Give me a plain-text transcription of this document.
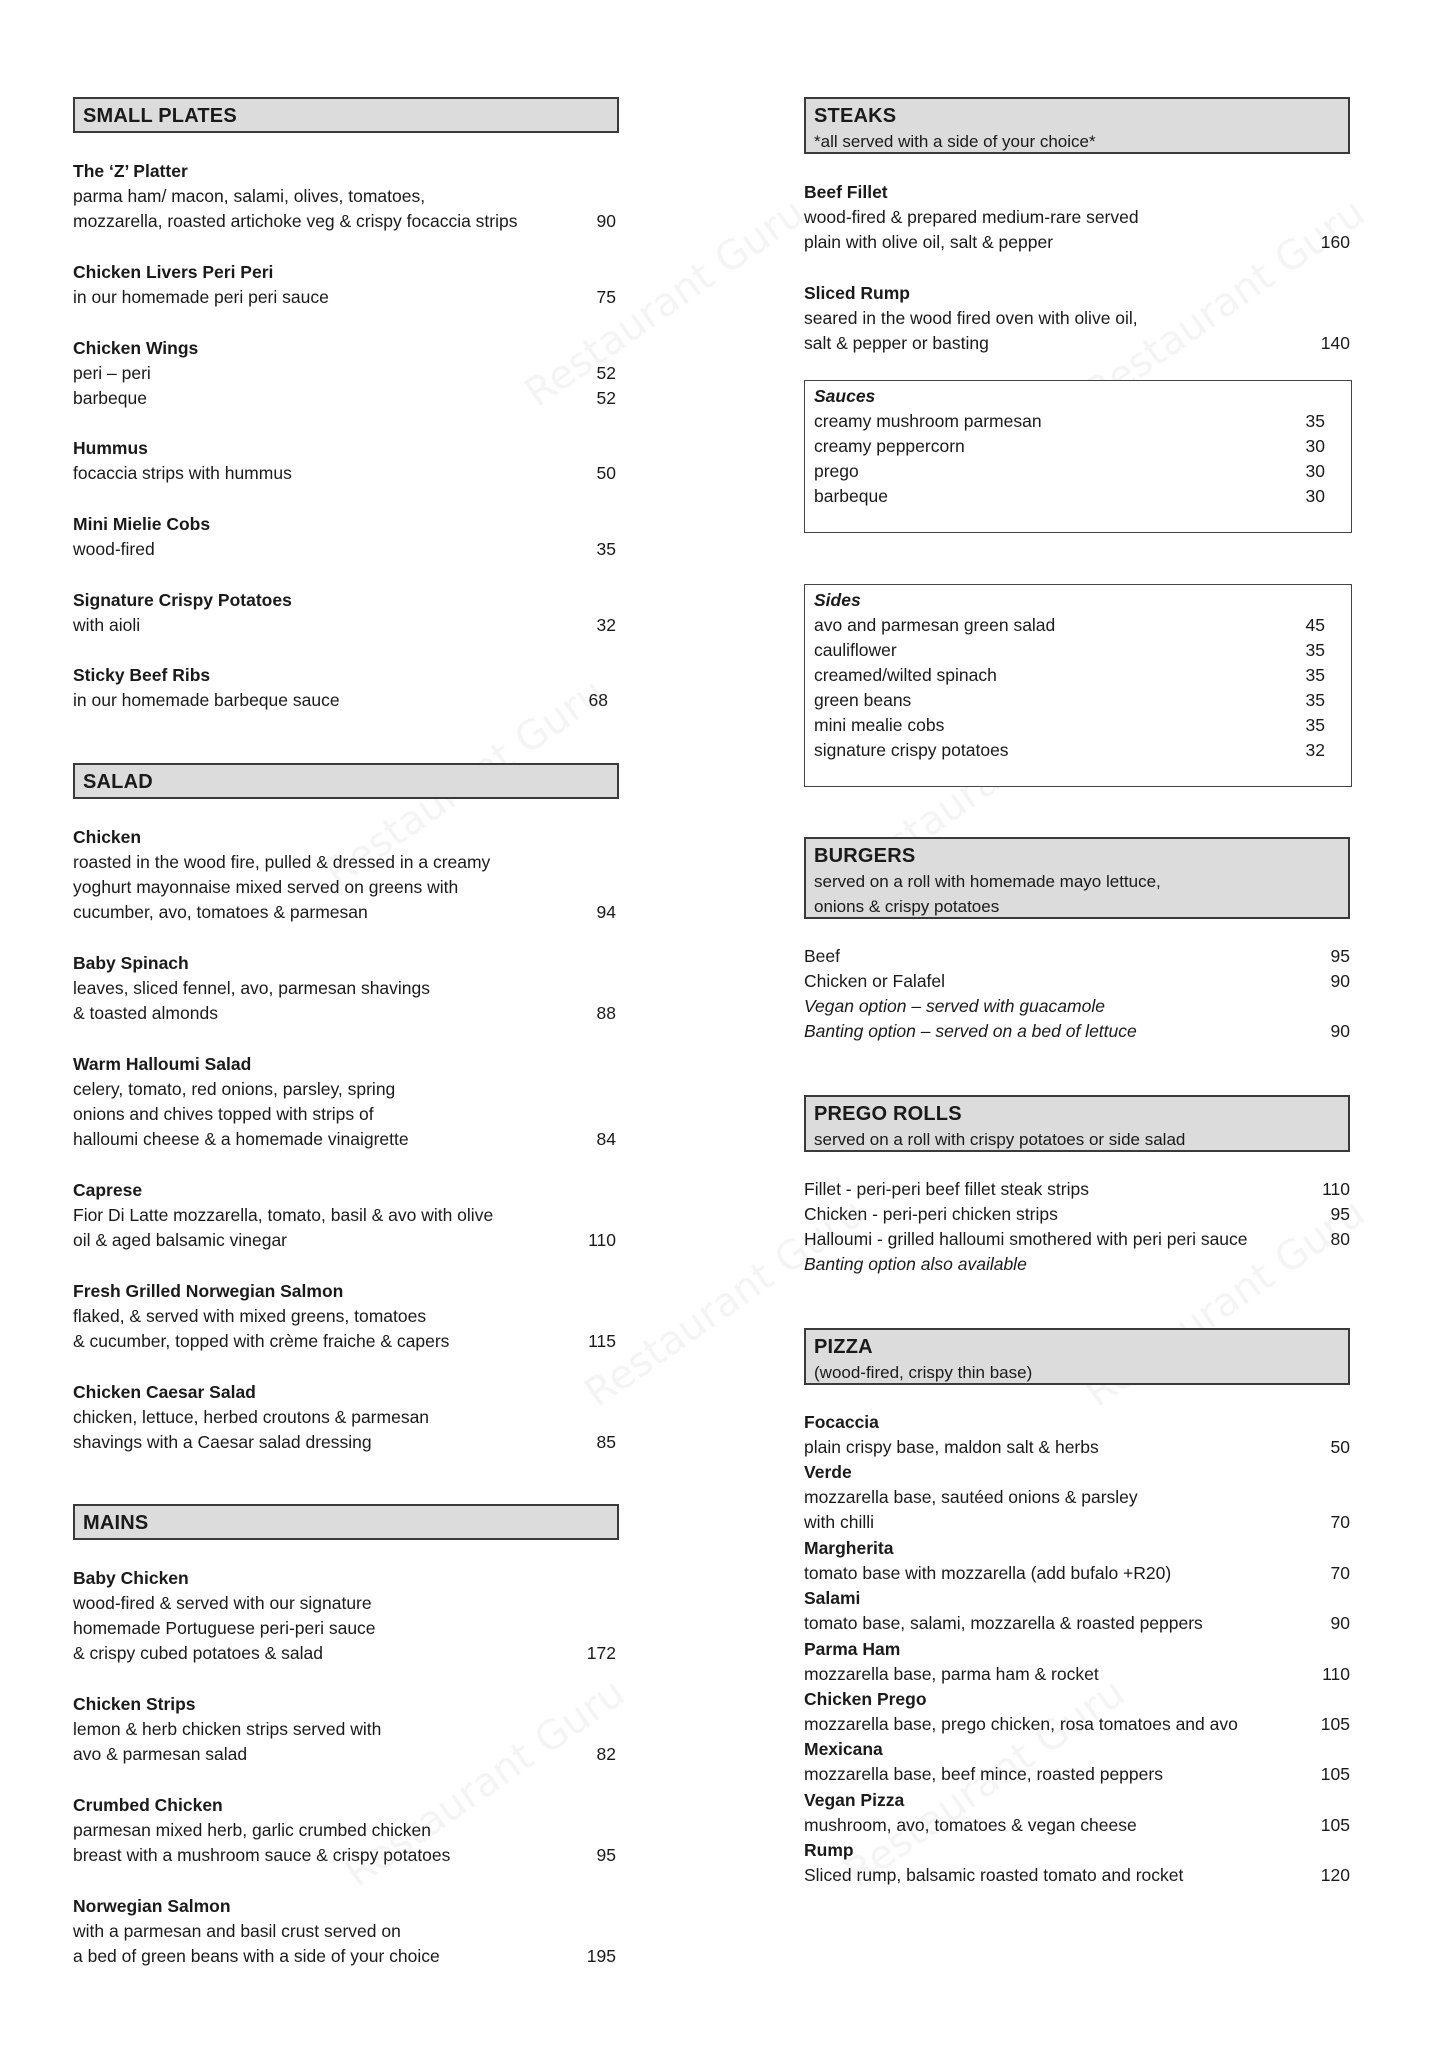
SMALL PLATES
The ‘Z’ Platter
parma ham/ macon, salami, olives, tomatoes,
mozzarella, roasted artichoke veg & crispy focaccia strips	90
Chicken Livers Peri Peri
in our homemade peri peri sauce	75
Chicken Wings
peri – peri	52
barbeque	52
Hummus
focaccia strips with hummus	50
Mini Mielie Cobs
wood-fired	35
Signature Crispy Potatoes
with aioli	32
Sticky Beef Ribs
in our homemade barbeque sauce	68
SALAD
Chicken
roasted in the wood fire, pulled & dressed in a creamy
yoghurt mayonnaise mixed served on greens with
cucumber, avo, tomatoes & parmesan	94
Baby Spinach
leaves, sliced fennel, avo, parmesan shavings
& toasted almonds	88
Warm Halloumi Salad
celery, tomato, red onions, parsley, spring
onions and chives topped with strips of
halloumi cheese & a homemade vinaigrette	84
Caprese
Fior Di Latte mozzarella, tomato, basil & avo with olive
oil & aged balsamic vinegar	110
Fresh Grilled Norwegian Salmon
flaked, & served with mixed greens, tomatoes
& cucumber, topped with crème fraiche & capers	115
Chicken Caesar Salad
chicken, lettuce, herbed croutons & parmesan
shavings with a Caesar salad dressing	85
MAINS
Baby Chicken
wood-fired & served with our signature
homemade Portuguese peri-peri sauce
& crispy cubed potatoes & salad	172
Chicken Strips
lemon & herb chicken strips served with
avo & parmesan salad	82
Crumbed Chicken
parmesan mixed herb, garlic crumbed chicken
breast with a mushroom sauce & crispy potatoes	95
Norwegian Salmon
with a parmesan and basil crust served on
a bed of green beans with a side of your choice	195
STEAKS
*all served with a side of your choice*
Beef Fillet
wood-fired & prepared medium-rare served
plain with olive oil, salt & pepper	160
Sliced Rump
seared in the wood fired oven with olive oil,
salt & pepper or basting	140
Sauces
creamy mushroom parmesan	35
creamy peppercorn	30
prego	30
barbeque	30
Sides
avo and parmesan green salad	45
cauliflower	35
creamed/wilted spinach	35
green beans	35
mini mealie cobs	35
signature crispy potatoes	32
BURGERS
served on a roll with homemade mayo lettuce,
onions & crispy potatoes
Beef	95
Chicken or Falafel	90
Vegan option – served with guacamole
Banting option – served on a bed of lettuce	90
PREGO ROLLS
served on a roll with crispy potatoes or side salad
Fillet - peri-peri beef fillet steak strips	110
Chicken - peri-peri chicken strips	95
Halloumi - grilled halloumi smothered with peri peri sauce	80
Banting option also available
PIZZA
(wood-fired, crispy thin base)
Focaccia
plain crispy base, maldon salt & herbs	50
Verde
mozzarella base, sautéed onions & parsley
with chilli	70
Margherita
tomato base with mozzarella (add bufalo +R20)	70
Salami
tomato base, salami, mozzarella & roasted peppers	90
Parma Ham
mozzarella base, parma ham & rocket	110
Chicken Prego
mozzarella base, prego chicken, rosa tomatoes and avo	105
Mexicana
mozzarella base, beef mince, roasted peppers	105
Vegan Pizza
mushroom, avo, tomatoes & vegan cheese	105
Rump
Sliced rump, balsamic roasted tomato and rocket	120
